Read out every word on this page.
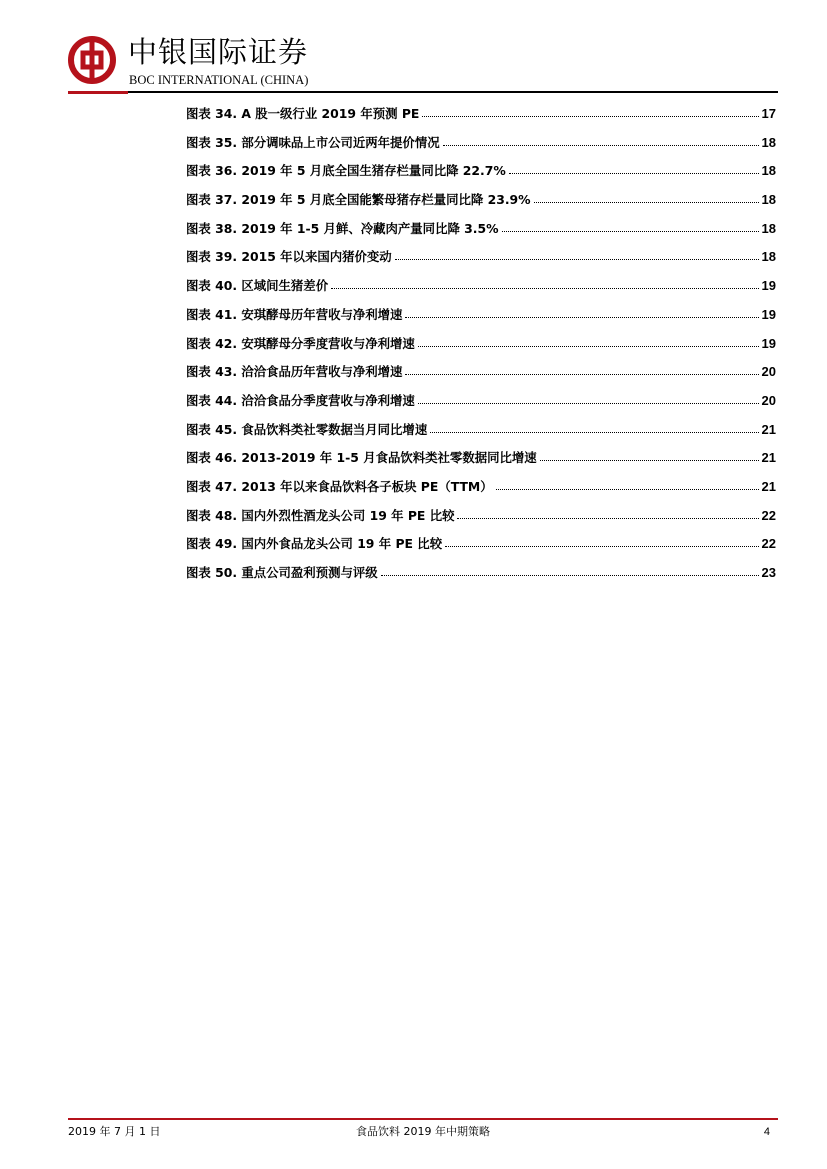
中银国际证券
BOC INTERNATIONAL (CHINA)
图表 34. A 股一级行业 2019 年预测 PE	17
图表 35. 部分调味品上市公司近两年提价情况	18
图表 36. 2019 年 5 月底全国生猪存栏量同比降 22.7%	18
图表 37. 2019 年 5 月底全国能繁母猪存栏量同比降 23.9%	18
图表 38. 2019 年 1-5 月鲜、冷藏肉产量同比降 3.5%	18
图表 39. 2015 年以来国内猪价变动	18
图表 40. 区域间生猪差价	19
图表 41. 安琪酵母历年营收与净利增速	19
图表 42. 安琪酵母分季度营收与净利增速	19
图表 43. 洽洽食品历年营收与净利增速	20
图表 44. 洽洽食品分季度营收与净利增速	20
图表 45. 食品饮料类社零数据当月同比增速	21
图表 46. 2013-2019 年 1-5 月食品饮料类社零数据同比增速	21
图表 47. 2013 年以来食品饮料各子板块 PE（TTM）	21
图表 48. 国内外烈性酒龙头公司 19 年 PE 比较	22
图表 49. 国内外食品龙头公司 19 年 PE 比较	22
图表 50. 重点公司盈利预测与评级	23
2019 年 7 月 1 日	食品饮料 2019 年中期策略	4
